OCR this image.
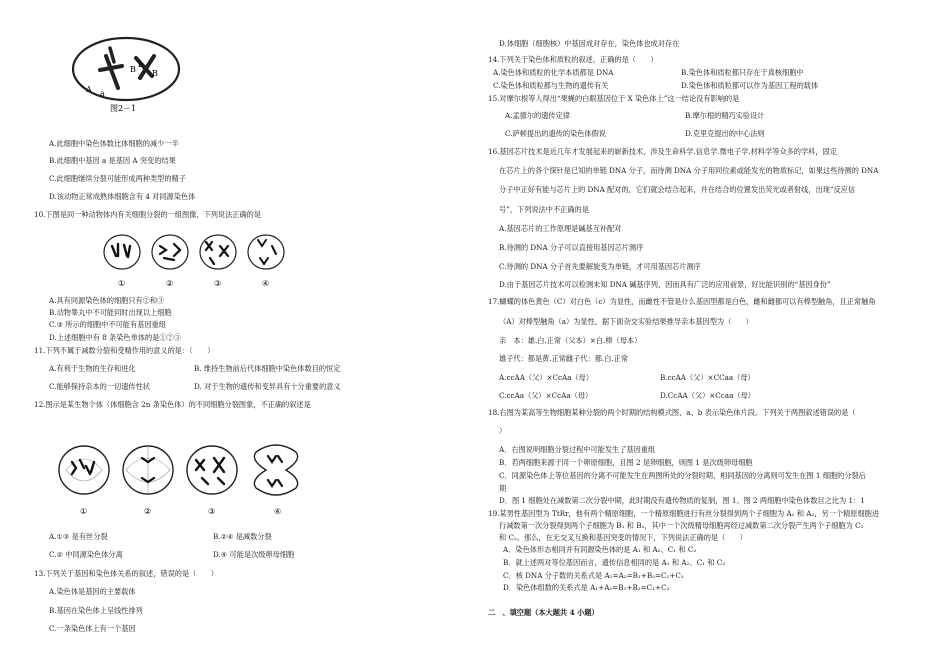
A a
B
b
B
图2－1
A.此细胞中染色体数比体细胞的减少一半
B.此细胞中基因 a 是基因 A 突变的结果
C.此细胞继续分裂可能形成两种类型的精子
D.该动物正常成熟体细胞含有 4 对同源染色体
10.下图是同一种动物体内有关细胞分裂的一组图像，下列说法正确的是
①	②	③	④
A.具有同源染色体的细胞只有②和③
B.动物睾丸中不可能同时出现以上细胞
C.③ 所示的细胞中不可能有基因重组
D.上述细胞中有 8 条染色单体的是①②③
11.下列不属于减数分裂和受精作用的意义的是：（　　）
A.有利于生物的生存和进化	B. 维持生物前后代体细胞中染色体数目的恒定
C.能够保持亲本的一切遗传性状	D. 对于生物的遗传和变异具有十分重要的意义
12.图示是某生物个体（体细胞含 2n 条染色体）的不同细胞分裂图象，不正确的叙述是
①	②	③	④
A.①③ 是有丝分裂	B.②④ 是减数分裂
C.② 中同源染色体分离	D.④ 可能是次级卵母细胞
13.下列关于基因和染色体关系的叙述，错误的是（　　）
A.染色体是基因的主要载体
B.基因在染色体上呈线性排列
C.一条染色体上有一个基因
D.体细胞（细胞核）中基因成对存在，染色体也成对存在
14.下列关于染色体和质粒的叙述，正确的是（　　）
A.染色体和质粒的化学本质都是 DNA	B.染色体和质粒都只存在于真核细胞中
C.染色体和质粒都与生物的遗传有关	D.染色体和质粒都可以作为基因工程的载体
15.对摩尔根等人得出“果蝇的白眼基因位于 X 染色体上”这一结论没有影响的是
A.孟德尔的遗传定律	B.摩尔根的精巧实验设计
C.萨顿提出的遗传的染色体假说	D.克里克提出的中心法则
16.基因芯片技术是近几年才发展起来的崭新技术，涉及生命科学.信息学.微电子学.材料学等众多的学科，固定
在芯片上的各个探针是已知的单链 DNA 分子，而待测 DNA 分子用同位素或能发光的物质标记，如果这些待测的 DNA
分子中正好有能与芯片上的 DNA 配对的，它们就会结合起来，并在结合的位置发出荧光或者射线，出现“反应信
号”，下列说法中不正确的是
A.基因芯片的工作原理是碱基互补配对
B.待测的 DNA 分子可以直接用基因芯片测序
C.待测的 DNA 分子首先要解旋变为单链，才可用基因芯片测序
D.由于基因芯片技术可以检测未知 DNA 碱基序列，因而具有广泛的应用前景，好比能识别的“基因身份”
17.蝴蝶的体色黄色（C）对白色（c）为显性，而雌性不管是什么基因型都是白色，雌和雌都可以有棒型触角，且正常触角
（A）对棒型触角（a）为显性，据下面杂交实验结果推导亲本基因型为（　　）
亲　本：雄.白.正常（父本）×白.棒（母本）
雄子代：都是黄.正常雌子代：都.白.正常
A.ccAA（父）×CcAa（母）	B.ccAA（父）×CCaa（母）
C.ccAa（父）×CcAa（母）	D.CcAA（父）×Ccaa（母）
18.右图为某高等生物细胞某种分裂的两个时期的结构模式图，a、b 表示染色体片段。下列关于两图叙述错误的是（
）
A．右图说明细胞分裂过程中可能发生了基因重组
B．若两细胞来源于同一个卵原细胞，且图 2 是卵细胞，则图 1 是次级卵母细胞
C．同源染色体上等位基因的分离不可能发生在两图所处的分裂时期，相同基因的分离则可发生在图 1 细胞的分裂后
期
D．图 1 细胞处在减数第二次分裂中期，此时期没有遗传物质的复制，图 1、图 2 两细胞中染色体数目之比为 1：1
19.某男性基因型为 TtRr，他有两个精原细胞，一个精原细胞进行有丝分裂得到两个子细胞为 A₁ 和 A₂，另一个精原细胞进
行减数第一次分裂得到两个子细胞为 B₁ 和 B₂，其中一个次级精母细胞再经过减数第二次分裂产生两个子细胞为 C₁
和 C₂。那么，在无交叉互换和基因突变的情况下，下列说法正确的是（　　）
A．染色体形态相同并有同源染色体的是 A₁ 和 A₂、C₁ 和 C₂
B．就上述两对等位基因而言，遗传信息相同的是 A₁ 和 A₂、C₁ 和 C₂
C．核 DNA 分子数的关系式是 A₁=A₂=B₁+B₂=C₁+C₂
D．染色体组数的关系式是 A₁+A₂=B₁+B₂=C₁+C₂
二　、填空题（本大题共 4 小题）
